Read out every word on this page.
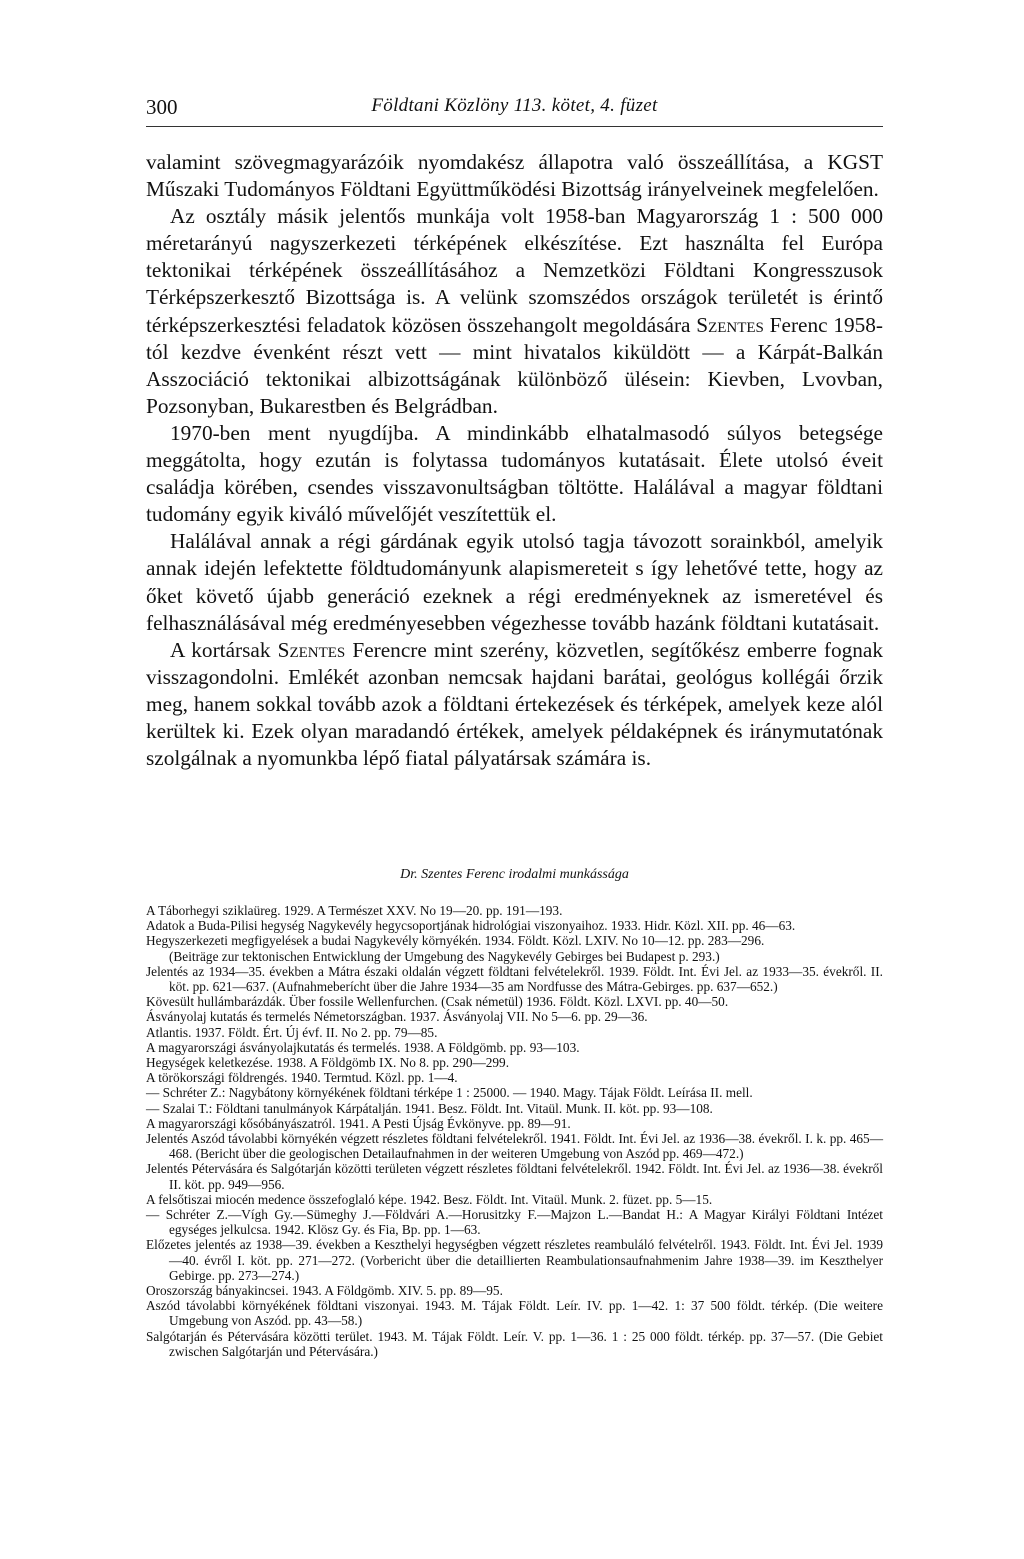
300	Földtani Közlöny 113. kötet, 4. füzet

valamint szövegmagyarázóik nyomdakész állapotra való összeállítása, a KGST Műszaki Tudományos Földtani Együttműködési Bizottság irányelveinek megfelelően.

Az osztály másik jelentős munkája volt 1958-ban Magyarország 1 : 500 000 méretarányú nagyszerkezeti térképének elkészítése. Ezt használta fel Európa tektonikai térképének összeállításához a Nemzetközi Földtani Kongresszusok Térképszerkesztő Bizottsága is. A velünk szomszédos országok területét is érintő térképszerkesztési feladatok közösen összehangolt megoldására Szentes Ferenc 1958-tól kezdve évenként részt vett — mint hivatalos kiküldött — a Kárpát-Balkán Asszociáció tektonikai albizottságának különböző ülésein: Kievben, Lvovban, Pozsonyban, Bukarestben és Belgrádban.

1970-ben ment nyugdíjba. A mindinkább elhatalmasodó súlyos betegsége meggátolta, hogy ezután is folytassa tudományos kutatásait. Élete utolsó éveit családja körében, csendes visszavonultságban töltötte. Halálával a magyar földtani tudomány egyik kiváló művelőjét veszítettük el.

Halálával annak a régi gárdának egyik utolsó tagja távozott sorainkból, amelyik annak idején lefektette földtudományunk alapismereteit s így lehetővé tette, hogy az őket követő újabb generáció ezeknek a régi eredményeknek az ismeretével és felhasználásával még eredményesebben végezhesse tovább hazánk földtani kutatásait.

A kortársak Szentes Ferencre mint szerény, közvetlen, segítőkész emberre fognak visszagondolni. Emlékét azonban nemcsak hajdani barátai, geológus kollégái őrzik meg, hanem sokkal tovább azok a földtani értekezések és térképek, amelyek keze alól kerültek ki. Ezek olyan maradandó értékek, amelyek példaképnek és iránymutatónak szolgálnak a nyomunkba lépő fiatal pályatársak számára is.

Dr. Szentes Ferenc irodalmi munkássága

A Táborhegyi sziklaüreg. 1929. A Természet XXV. No 19—20. pp. 191—193.

Adatok a Buda-Pilisi hegység Nagykevély hegycsoportjának hidrológiai viszonyaihoz. 1933. Hidr. Közl. XII. pp. 46—63.

Hegyszerkezeti megfigyelések a budai Nagykevély környékén. 1934. Földt. Közl. LXIV. No 10—12. pp. 283—296.

(Beiträge zur tektonischen Entwicklung der Umgebung des Nagykevély Gebirges bei Budapest p. 293.)

Jelentés az 1934—35. években a Mátra északi oldalán végzett földtani felvételekről. 1939. Földt. Int. Évi Jel. az 1933—35. évekről. II. köt. pp. 621—637. (Aufnahmeberícht über die Jahre 1934—35 am Nordfusse des Mátra-Gebirges. pp. 637—652.)

Kövesült hullámbarázdák. Über fossile Wellenfurchen. (Csak németül) 1936. Földt. Közl. LXVI. pp. 40—50.

Ásványolaj kutatás és termelés Németországban. 1937. Ásványolaj VII. No 5—6. pp. 29—36.

Atlantis. 1937. Földt. Ért. Új évf. II. No 2. pp. 79—85.

A magyarországi ásványolajkutatás és termelés. 1938. A Földgömb. pp. 93—103.

Hegységek keletkezése. 1938. A Földgömb IX. No 8. pp. 290—299.

A törökországi földrengés. 1940. Termtud. Közl. pp. 1—4.

— Schréter Z.: Nagybátony környékének földtani térképe 1 : 25000. — 1940. Magy. Tájak Földt. Leírása II. mell.

— Szalai T.: Földtani tanulmányok Kárpátalján. 1941. Besz. Földt. Int. Vitaül. Munk. II. köt. pp. 93—108.

A magyarországi kősóbányászatról. 1941. A Pesti Újság Évkönyve. pp. 89—91.

Jelentés Aszód távolabbi környékén végzett részletes földtani felvételekről. 1941. Földt. Int. Évi Jel. az 1936—38. évekről. I. k. pp. 465—468. (Bericht über die geologischen Detailaufnahmen in der weiteren Umgebung von Aszód pp. 469—472.)

Jelentés Pétervására és Salgótarján közötti területen végzett részletes földtani felvételekről. 1942. Földt. Int. Évi Jel. az 1936—38. évekről II. köt. pp. 949—956.

A felsőtiszai miocén medence összefoglaló képe. 1942. Besz. Földt. Int. Vitaül. Munk. 2. füzet. pp. 5—15.

— Schréter Z.—Vígh Gy.—Sümeghy J.—Földvári A.—Horusitzky F.—Majzon L.—Bandat H.: A Magyar Királyi Földtani Intézet egységes jelkulcsa. 1942. Klösz Gy. és Fia, Bp. pp. 1—63.

Előzetes jelentés az 1938—39. években a Keszthelyi hegységben végzett részletes reambuláló felvételről. 1943. Földt. Int. Évi Jel. 1939—40. évről I. köt. pp. 271—272. (Vorbericht über die detaillierten Reambulationsaufnahmenim Jahre 1938—39. im Keszthelyer Gebirge. pp. 273—274.)

Oroszország bányakincsei. 1943. A Földgömb. XIV. 5. pp. 89—95.

Aszód távolabbi környékének földtani viszonyai. 1943. M. Tájak Földt. Leír. IV. pp. 1—42. 1: 37 500 földt. térkép. (Die weitere Umgebung von Aszód. pp. 43—58.)

Salgótarján és Pétervására közötti terület. 1943. M. Tájak Földt. Leír. V. pp. 1—36. 1 : 25 000 földt. térkép. pp. 37—57. (Die Gebiet zwischen Salgótarján und Pétervására.)
